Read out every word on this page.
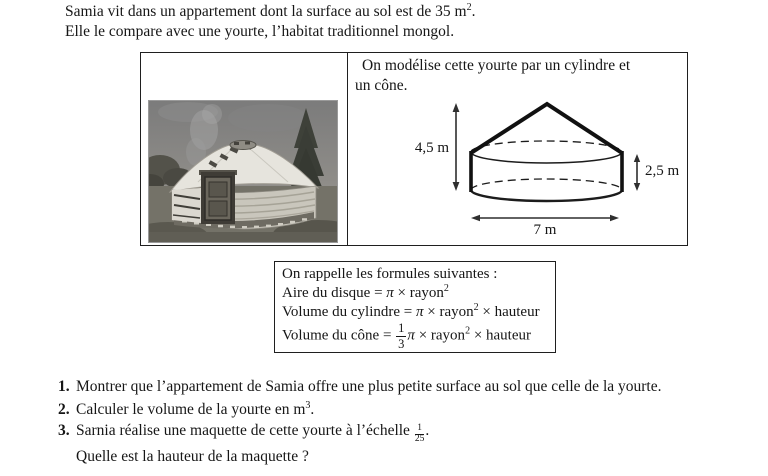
Samia vit dans un appartement dont la surface au sol est de 35 $m^2$.
Elle le compare avec une yourte, l’habitat traditionnel mongol.
On modélise cette yourte par un cylindre et
un cône.
4,5 m
2,5 m
7 m
On rappelle les formules suivantes :
Aire du disque = π × rayon$^2$
Volume du cylindre = π × rayon$^2$ × hauteur
Volume du cône = $\frac{1}{3}$ π × rayon$^2$ × hauteur
1. Montrer que l’appartement de Samia offre une plus petite surface au sol que celle de la yourte.
2. Calculer le volume de la yourte en $m^3$.
3. Sarnia réalise une maquette de cette yourte à l’échelle $\frac{1}{25}$ .
Quelle est la hauteur de la maquette ?
